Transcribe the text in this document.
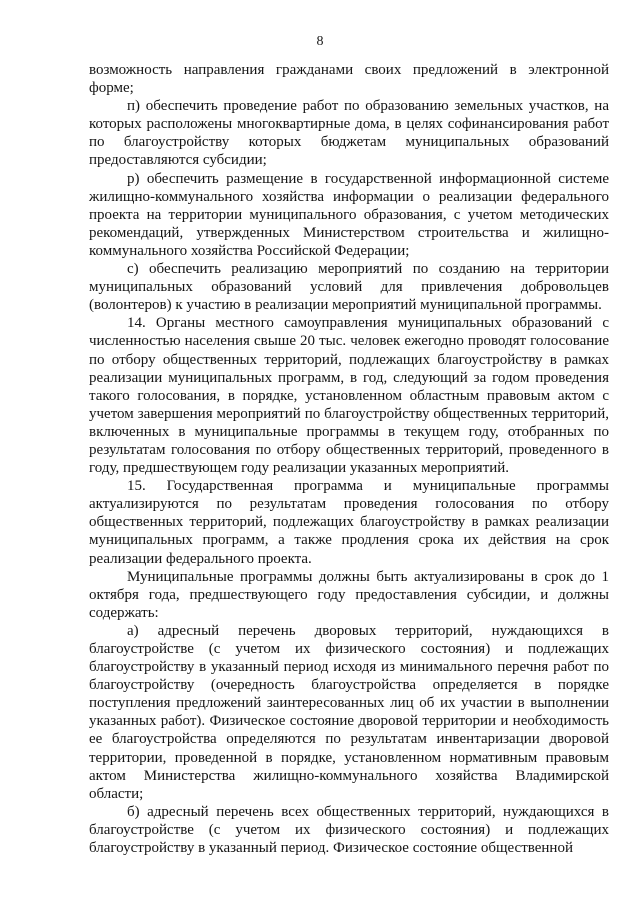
8

возможность направления гражданами своих предложений в электронной форме;

п) обеспечить проведение работ по образованию земельных участков, на которых расположены многоквартирные дома, в целях софинансирования работ по благоустройству которых бюджетам муниципальных образований предоставляются субсидии;

р) обеспечить размещение в государственной информационной системе жилищно-коммунального хозяйства информации о реализации федерального проекта на территории муниципального образования, с учетом методических рекомендаций, утвержденных Министерством строительства и жилищно-коммунального хозяйства Российской Федерации;

с) обеспечить реализацию мероприятий по созданию на территории муниципальных образований условий для привлечения добровольцев (волонтеров) к участию в реализации мероприятий муниципальной программы.

14. Органы местного самоуправления муниципальных образований с численностью населения свыше 20 тыс. человек ежегодно проводят голосование по отбору общественных территорий, подлежащих благоустройству в рамках реализации муниципальных программ, в год, следующий за годом проведения такого голосования, в порядке, установленном областным правовым актом с учетом завершения мероприятий по благоустройству общественных территорий, включенных в муниципальные программы в текущем году, отобранных по результатам голосования по отбору общественных территорий, проведенного в году, предшествующем году реализации указанных мероприятий.

15. Государственная программа и муниципальные программы актуализируются по результатам проведения голосования по отбору общественных территорий, подлежащих благоустройству в рамках реализации муниципальных программ, а также продления срока их действия на срок реализации федерального проекта.

Муниципальные программы должны быть актуализированы в срок до 1 октября года, предшествующего году предоставления субсидии, и должны содержать:

а) адресный перечень дворовых территорий, нуждающихся в благоустройстве (с учетом их физического состояния) и подлежащих благоустройству в указанный период исходя из минимального перечня работ по благоустройству (очередность благоустройства определяется в порядке поступления предложений заинтересованных лиц об их участии в выполнении указанных работ). Физическое состояние дворовой территории и необходимость ее благоустройства определяются по результатам инвентаризации дворовой территории, проведенной в порядке, установленном нормативным правовым актом Министерства жилищно-коммунального хозяйства Владимирской области;

б) адресный перечень всех общественных территорий, нуждающихся в благоустройстве (с учетом их физического состояния) и подлежащих благоустройству в указанный период. Физическое состояние общественной
